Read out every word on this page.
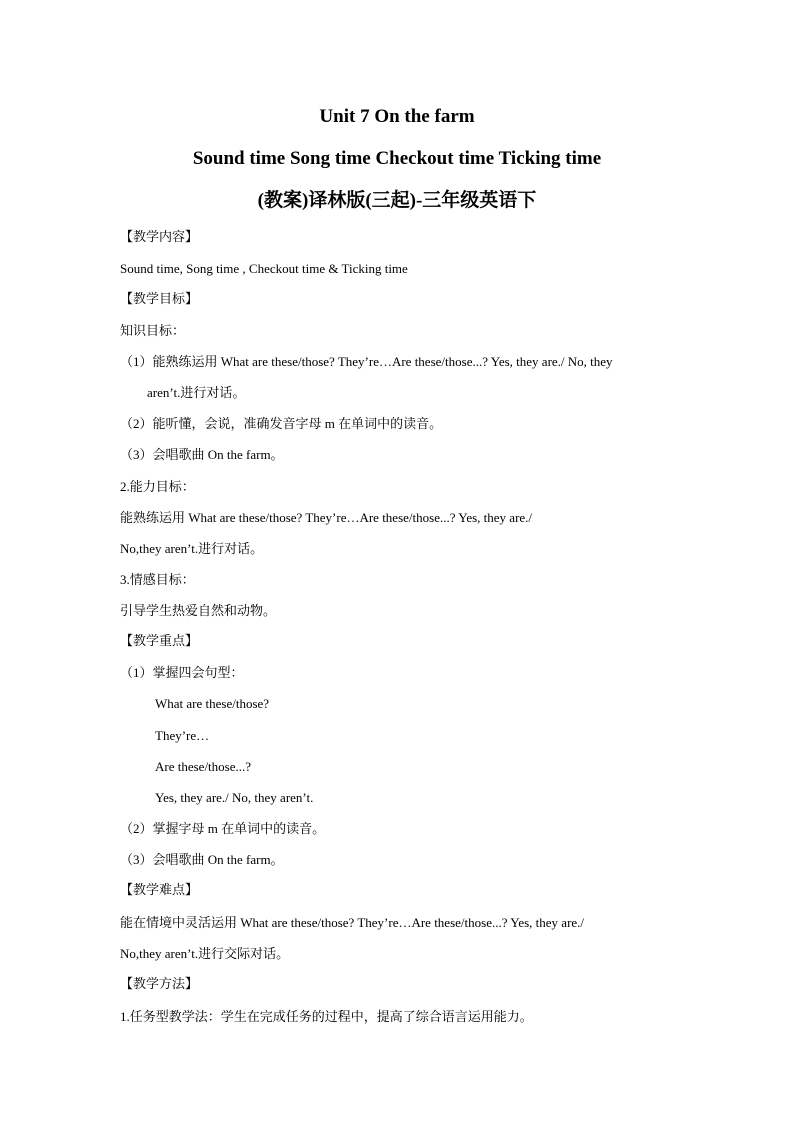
Unit 7 On the farm
Sound time Song time Checkout time Ticking time
(教案)译林版(三起)-三年级英语下
【教学内容】
Sound time, Song time , Checkout time & Ticking time
【教学目标】
知识目标：
（1）能熟练运用 What are these/those? They’re…Are these/those...? Yes, they are./ No, they
aren’t.进行对话。
（2）能听懂，会说，准确发音字母 m 在单词中的读音。
（3）会唱歌曲 On the farm。
2.能力目标：
能熟练运用 What are these/those? They’re…Are these/those...? Yes, they are./
No,they aren’t.进行对话。
3.情感目标：
引导学生热爱自然和动物。
【教学重点】
（1）掌握四会句型：
What are these/those?
They’re…
Are these/those...?
Yes, they are./ No, they aren’t.
（2）掌握字母 m 在单词中的读音。
（3）会唱歌曲 On the farm。
【教学难点】
能在情境中灵活运用 What are these/those? They’re…Are these/those...? Yes, they are./
No,they aren’t.进行交际对话。
【教学方法】
1.任务型教学法：学生在完成任务的过程中，提高了综合语言运用能力。
